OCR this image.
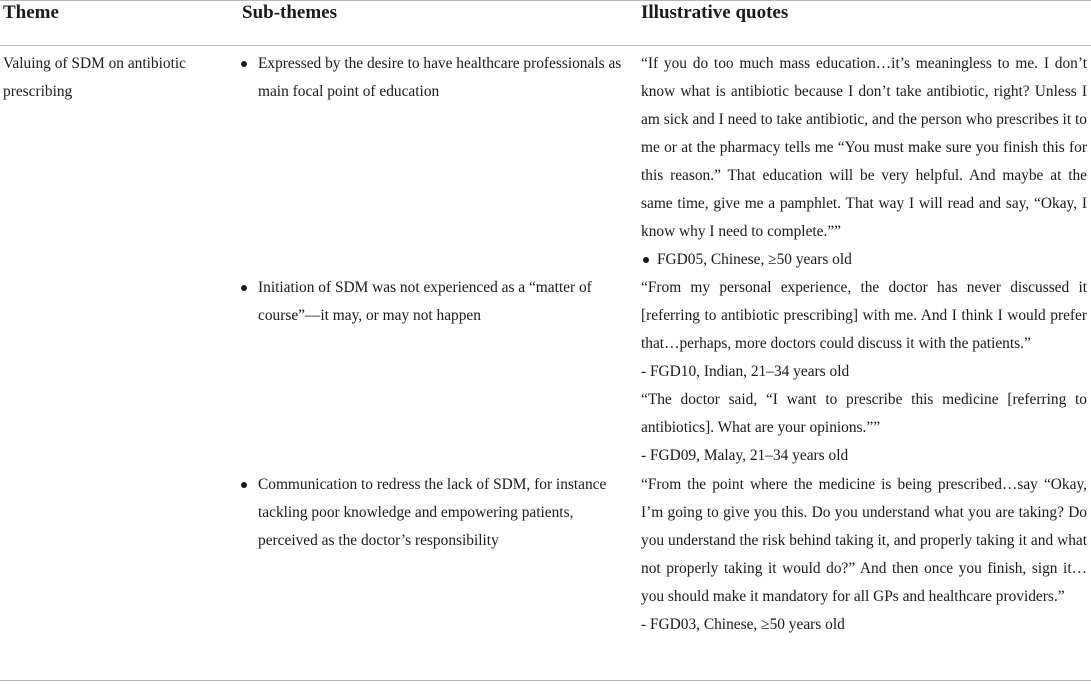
Theme	Sub-themes	Illustrative quotes
Valuing of SDM on antibiotic prescribing
Expressed by the desire to have healthcare professionals as main focal point of education

“If you do too much mass education…it’s meaningless to me. I don’t know what is antibiotic because I don’t take antibiotic, right? Unless I am sick and I need to take antibiotic, and the person who prescribes it to me or at the pharmacy tells me “You must make sure you finish this for this reason.” That education will be very helpful. And maybe at the same time, give me a pamphlet. That way I will read and say, “Okay, I know why I need to complete.””

FGD05, Chinese, ≥50 years old

Initiation of SDM was not experienced as a “matter of course”—it may, or may not happen

“From my personal experience, the doctor has never discussed it [referring to antibiotic prescribing] with me. And I think I would prefer that…perhaps, more doctors could discuss it with the patients.”

- FGD10, Indian, 21–34 years old

“The doctor said, “I want to prescribe this medicine [referring to antibiotics]. What are your opinions.””

- FGD09, Malay, 21–34 years old

Communication to redress the lack of SDM, for instance tackling poor knowledge and empowering patients, perceived as the doctor’s responsibility

“From the point where the medicine is being prescribed…say “Okay, I’m going to give you this. Do you understand what you are taking? Do you understand the risk behind taking it, and properly taking it and what not properly taking it would do?” And then once you finish, sign it…you should make it mandatory for all GPs and healthcare providers.”

- FGD03, Chinese, ≥50 years old
